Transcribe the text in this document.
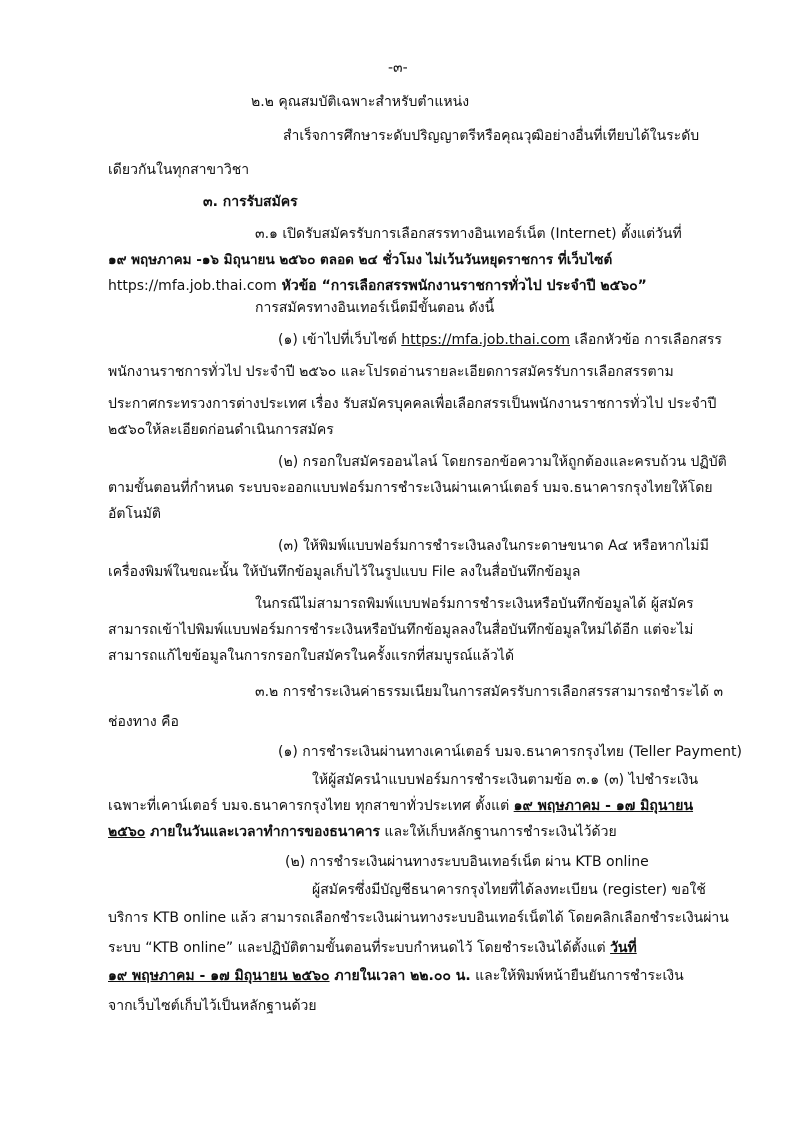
-๓-
๒.๒ คุณสมบัติเฉพาะสำหรับตำแหน่ง
สำเร็จการศึกษาระดับปริญญาตรีหรือคุณวุฒิอย่างอื่นที่เทียบได้ในระดับ
เดียวกันในทุกสาขาวิชา
๓. การรับสมัคร
๓.๑ เปิดรับสมัครรับการเลือกสรรทางอินเทอร์เน็ต (Internet) ตั้งแต่วันที่
๑๙ พฤษภาคม -๑๖ มิถุนายน ๒๕๖๐ ตลอด ๒๔ ชั่วโมง ไม่เว้นวันหยุดราชการ ที่เว็บไซต์
https://mfa.job.thai.com หัวข้อ “การเลือกสรรพนักงานราชการทั่วไป ประจำปี ๒๕๖๐”
การสมัครทางอินเทอร์เน็ตมีขั้นตอน ดังนี้
(๑) เข้าไปที่เว็บไซต์ https://mfa.job.thai.com เลือกหัวข้อ การเลือกสรร
พนักงานราชการทั่วไป ประจำปี ๒๕๖๐ และโปรดอ่านรายละเอียดการสมัครรับการเลือกสรรตาม
ประกาศกระทรวงการต่างประเทศ เรื่อง รับสมัครบุคคลเพื่อเลือกสรรเป็นพนักงานราชการทั่วไป ประจำปี
๒๕๖๐ให้ละเอียดก่อนดำเนินการสมัคร
(๒) กรอกใบสมัครออนไลน์ โดยกรอกข้อความให้ถูกต้องและครบถ้วน ปฏิบัติ
ตามขั้นตอนที่กำหนด ระบบจะออกแบบฟอร์มการชำระเงินผ่านเคาน์เตอร์ บมจ.ธนาคารกรุงไทยให้โดย
อัตโนมัติ
(๓) ให้พิมพ์แบบฟอร์มการชำระเงินลงในกระดาษขนาด A๔ หรือหากไม่มี
เครื่องพิมพ์ในขณะนั้น ให้บันทึกข้อมูลเก็บไว้ในรูปแบบ File ลงในสื่อบันทึกข้อมูล
ในกรณีไม่สามารถพิมพ์แบบฟอร์มการชำระเงินหรือบันทึกข้อมูลได้ ผู้สมัคร
สามารถเข้าไปพิมพ์แบบฟอร์มการชำระเงินหรือบันทึกข้อมูลลงในสื่อบันทึกข้อมูลใหม่ได้อีก แต่จะไม่
สามารถแก้ไขข้อมูลในการกรอกใบสมัครในครั้งแรกที่สมบูรณ์แล้วได้
๓.๒ การชำระเงินค่าธรรมเนียมในการสมัครรับการเลือกสรรสามารถชำระได้ ๓
ช่องทาง คือ
(๑) การชำระเงินผ่านทางเคาน์เตอร์ บมจ.ธนาคารกรุงไทย (Teller Payment)
ให้ผู้สมัครนำแบบฟอร์มการชำระเงินตามข้อ ๓.๑ (๓) ไปชำระเงิน
เฉพาะที่เคาน์เตอร์ บมจ.ธนาคารกรุงไทย ทุกสาขาทั่วประเทศ ตั้งแต่ ๑๙ พฤษภาคม - ๑๗ มิถุนายน
๒๕๖๐ ภายในวันและเวลาทำการของธนาคาร และให้เก็บหลักฐานการชำระเงินไว้ด้วย
(๒) การชำระเงินผ่านทางระบบอินเทอร์เน็ต ผ่าน KTB online
ผู้สมัครซึ่งมีบัญชีธนาคารกรุงไทยที่ได้ลงทะเบียน (register) ขอใช้
บริการ KTB online แล้ว สามารถเลือกชำระเงินผ่านทางระบบอินเทอร์เน็ตได้ โดยคลิกเลือกชำระเงินผ่าน
ระบบ “KTB online” และปฏิบัติตามขั้นตอนที่ระบบกำหนดไว้ โดยชำระเงินได้ตั้งแต่ วันที่
๑๙ พฤษภาคม - ๑๗ มิถุนายน ๒๕๖๐ ภายในเวลา ๒๒.๐๐ น. และให้พิมพ์หน้ายืนยันการชำระเงิน
จากเว็บไซต์เก็บไว้เป็นหลักฐานด้วย
